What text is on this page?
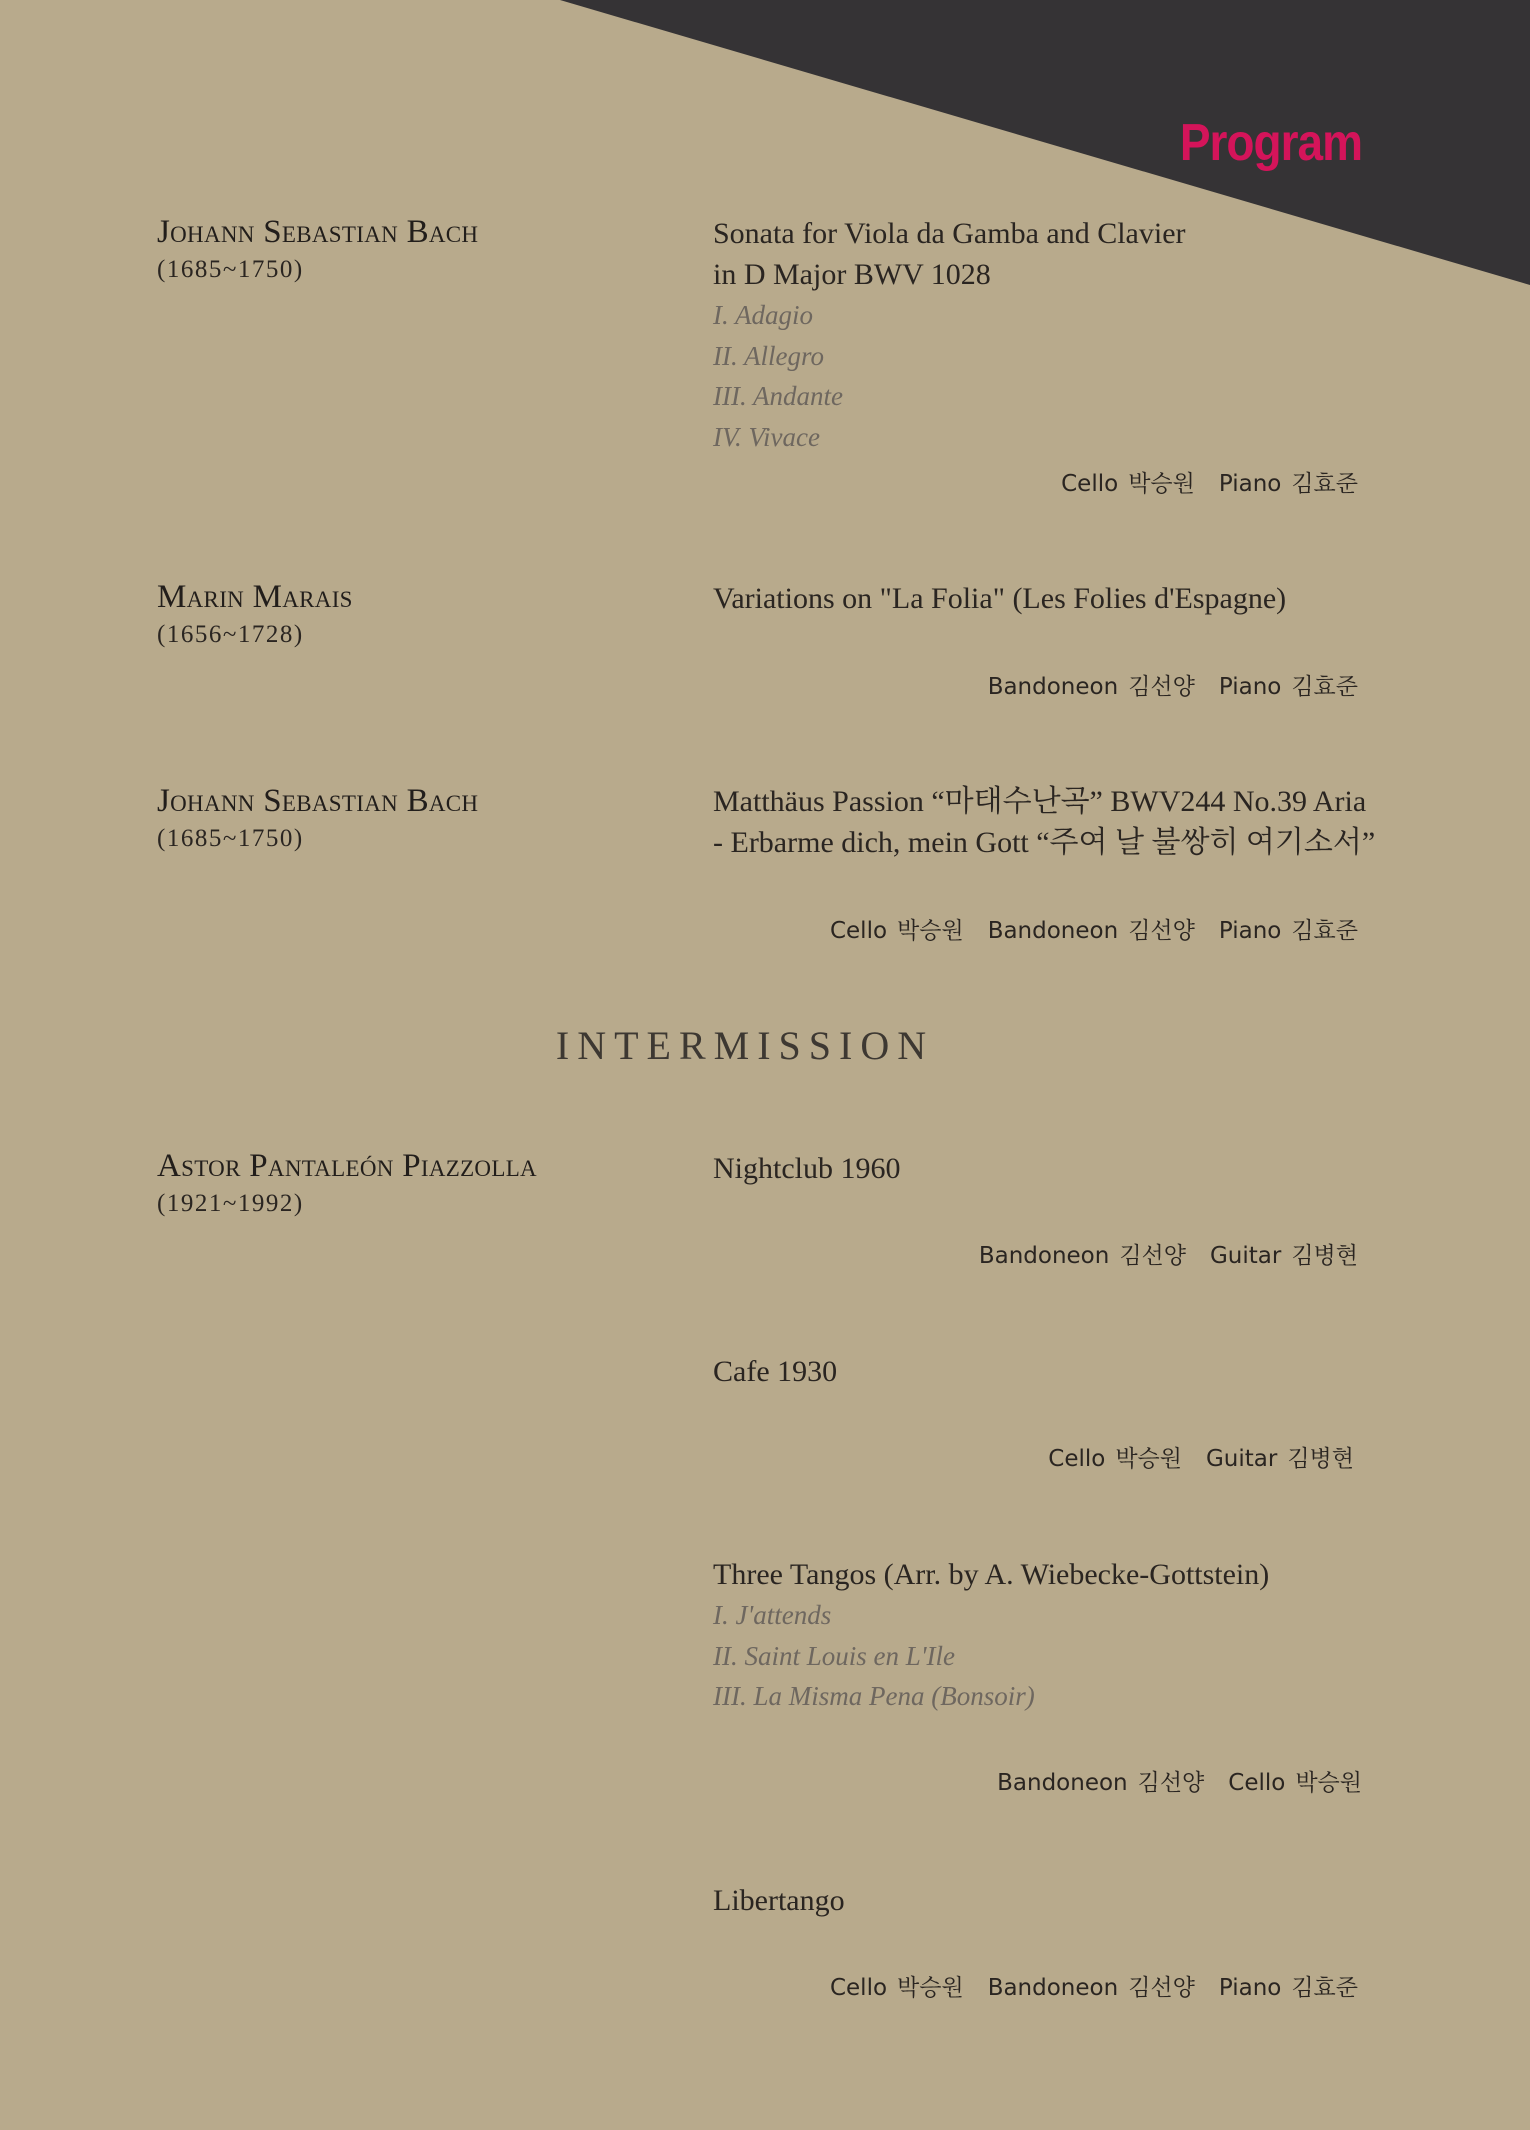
Program
Johann Sebastian Bach
(1685~1750)
Sonata for Viola da Gamba and Clavier
in D Major BWV 1028
I. Adagio
II. Allegro
III. Andante
IV. Vivace
Cello 박승원 Piano 김효준
Marin Marais
(1656~1728)
Variations on "La Folia" (Les Folies d'Espagne)
Bandoneon 김선양 Piano 김효준
Johann Sebastian Bach
(1685~1750)
Matthäus Passion “마태수난곡” BWV244 No.39 Aria
- Erbarme dich, mein Gott “주여 날 불쌍히 여기소서”
Cello 박승원 Bandoneon 김선양 Piano 김효준
INTERMISSION
Astor Pantaleón Piazzolla
(1921~1992)
Nightclub 1960
Bandoneon 김선양 Guitar 김병현
Cafe 1930
Cello 박승원 Guitar 김병현
Three Tangos (Arr. by A. Wiebecke-Gottstein)
I. J'attends
II. Saint Louis en L'Ile
III. La Misma Pena (Bonsoir)
Bandoneon 김선양 Cello 박승원
Libertango
Cello 박승원 Bandoneon 김선양 Piano 김효준
